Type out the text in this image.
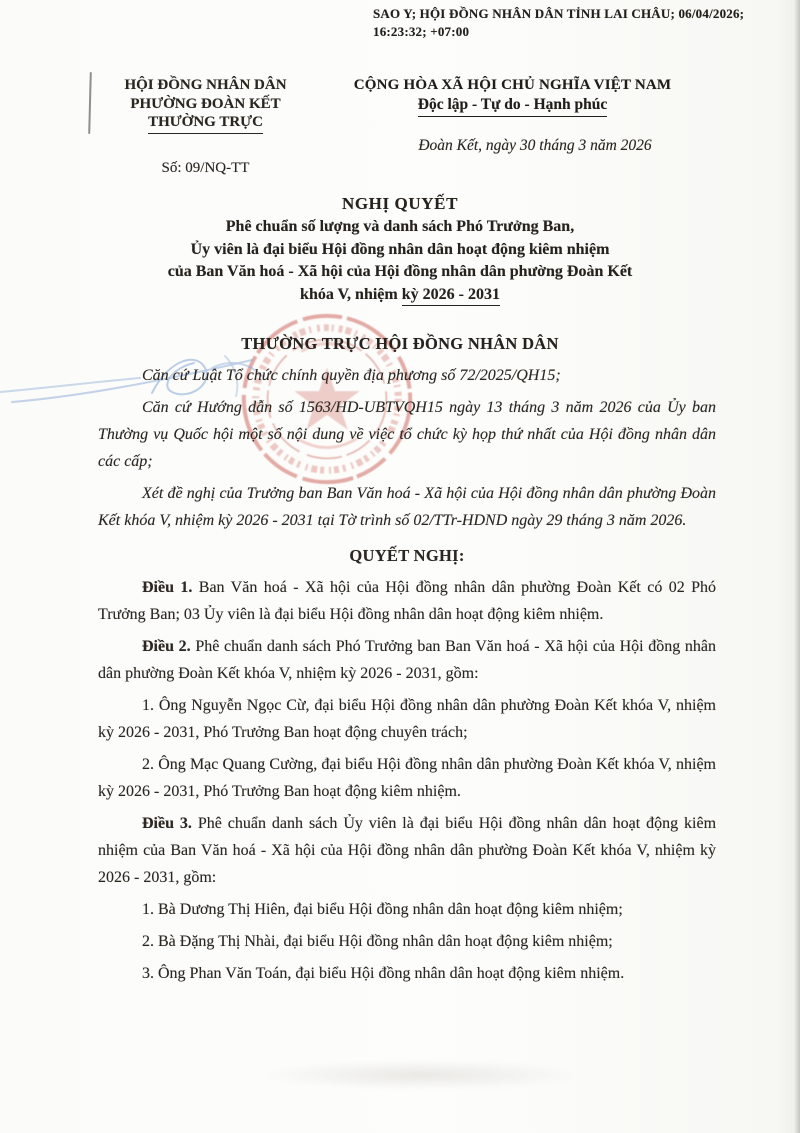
SAO Y; HỘI ĐỒNG NHÂN DÂN TỈNH LAI CHÂU; 06/04/2026;
16:23:32; +07:00
HỘI ĐỒNG NHÂN DÂN
PHƯỜNG ĐOÀN KẾT
THƯỜNG TRỰC
Số: 09/NQ-TT
CỘNG HÒA XÃ HỘI CHỦ NGHĨA VIỆT NAM
Độc lập - Tự do - Hạnh phúc
Đoàn Kết, ngày 30 tháng 3 năm 2026
NGHỊ QUYẾT
Phê chuẩn số lượng và danh sách Phó Trưởng Ban,
Ủy viên là đại biểu Hội đồng nhân dân hoạt động kiêm nhiệm
của Ban Văn hoá - Xã hội của Hội đồng nhân dân phường Đoàn Kết
khóa V, nhiệm kỳ 2026 - 2031
THƯỜNG TRỰC HỘI ĐỒNG NHÂN DÂN

Căn cứ Luật Tổ chức chính quyền địa phương số 72/2025/QH15;

Căn cứ Hướng dẫn số 1563/HD-UBTVQH15 ngày 13 tháng 3 năm 2026 của Ủy ban Thường vụ Quốc hội một số nội dung về việc tổ chức kỳ họp thứ nhất của Hội đồng nhân dân các cấp;

Xét đề nghị của Trưởng ban Ban Văn hoá - Xã hội của Hội đồng nhân dân phường Đoàn Kết khóa V, nhiệm kỳ 2026 - 2031 tại Tờ trình số 02/TTr-HDND ngày 29 tháng 3 năm 2026.

QUYẾT NGHỊ:

Điều 1. Ban Văn hoá - Xã hội của Hội đồng nhân dân phường Đoàn Kết có 02 Phó Trưởng Ban; 03 Ủy viên là đại biểu Hội đồng nhân dân hoạt động kiêm nhiệm.

Điều 2. Phê chuẩn danh sách Phó Trưởng ban Ban Văn hoá - Xã hội của Hội đồng nhân dân phường Đoàn Kết khóa V, nhiệm kỳ 2026 - 2031, gồm:

1. Ông Nguyễn Ngọc Cừ, đại biểu Hội đồng nhân dân phường Đoàn Kết khóa V, nhiệm kỳ 2026 - 2031, Phó Trưởng Ban hoạt động chuyên trách;

2. Ông Mạc Quang Cường, đại biểu Hội đồng nhân dân phường Đoàn Kết khóa V, nhiệm kỳ 2026 - 2031, Phó Trưởng Ban hoạt động kiêm nhiệm.

Điều 3. Phê chuẩn danh sách Ủy viên là đại biểu Hội đồng nhân dân hoạt động kiêm nhiệm của Ban Văn hoá - Xã hội của Hội đồng nhân dân phường Đoàn Kết khóa V, nhiệm kỳ 2026 - 2031, gồm:

1. Bà Dương Thị Hiên, đại biểu Hội đồng nhân dân hoạt động kiêm nhiệm;

2. Bà Đặng Thị Nhài, đại biểu Hội đồng nhân dân hoạt động kiêm nhiệm;

3. Ông Phan Văn Toán, đại biểu Hội đồng nhân dân hoạt động kiêm nhiệm.
